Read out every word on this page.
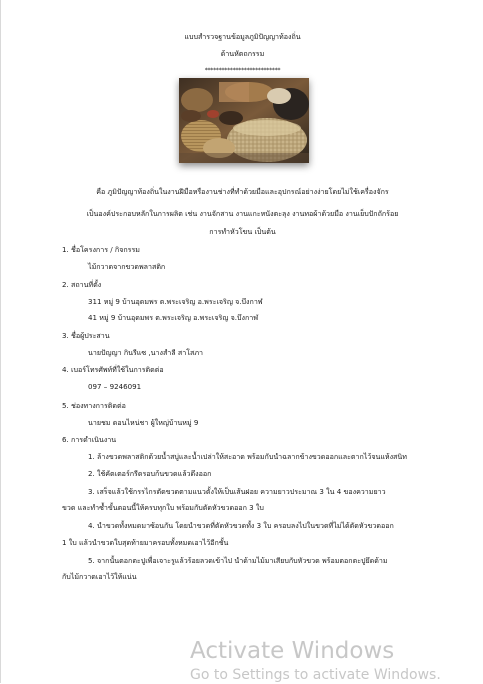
แบบสำรวจฐานข้อมูลภูมิปัญญาท้องถิ่น
ด้านหัตถกรรม
***************************
คือ ภูมิปัญญาท้องถิ่นในงานฝีมือหรืองานช่างที่ทำด้วยมือและอุปกรณ์อย่างง่ายโดยไม่ใช้เครื่องจักร
เป็นองค์ประกอบหลักในการผลิต เช่น งานจักสาน งานแกะหนังตะลุง งานทอผ้าด้วยมือ งานเย็บปักถักร้อย
การทำหัวโขน เป็นต้น
1. ชื่อโครงการ / กิจกรรม
ไม้กวาดจากขวดพลาสติก
2. สถานที่ตั้ง
311 หมู่ 9 บ้านอุดมพร ต.พระเจริญ อ.พระเจริญ จ.บึงกาฬ
41 หมู่ 9 บ้านอุดมพร ต.พระเจริญ อ.พระเจริญ จ.บึงกาฬ
3. ชื่อผู้ประสาน
นายปัญญา กินรีแซ ,นางสำลี สาโสภา
4. เบอร์โทรศัพท์ที่ใช้ในการติดต่อ
097 – 9246091
5. ช่องทางการติดต่อ
นายชม ดอนไหน่ชา ผู้ใหญ่บ้านหมู่ 9
6. การดำเนินงาน
1. ล้างขวดพลาสติกด้วยน้ำสบู่และน้ำเปล่าให้สะอาด พร้อมกับนำฉลากข้างขวดออกและตากไว้จนแห้งสนิท
2. ใช้คัตเตอร์กรีดรอบก้นขวดแล้วดึงออก
3. เสร็จแล้วใช้กรรไกรตัดขวดตามแนวตั้งให้เป็นเส้นฝอย ความยาวประมาณ 3 ใน 4 ของความยาว
ขวด และทำซ้ำขั้นตอนนี้ให้ครบทุกใบ พร้อมกับตัดหัวขวดออก 3 ใบ
4. นำขวดทั้งหมดมาซ้อนกัน โดยนำขวดที่ตัดหัวขวดทั้ง 3 ใบ ครอบลงไปในขวดที่ไม่ได้ตัดหัวขวดออก
1 ใบ แล้วนำขวดใบสุดท้ายมาครอบทั้งหมดเอาไว้อีกชั้น
5. จากนั้นตอกตะปูเพื่อเจาะรูแล้วร้อยลวดเข้าไป นำด้ามไม้มาเสียบกับหัวขวด พร้อมตอกตะปูยึดด้าม
กับไม้กวาดเอาไว้ให้แน่น
Activate Windows
Go to Settings to activate Windows.
